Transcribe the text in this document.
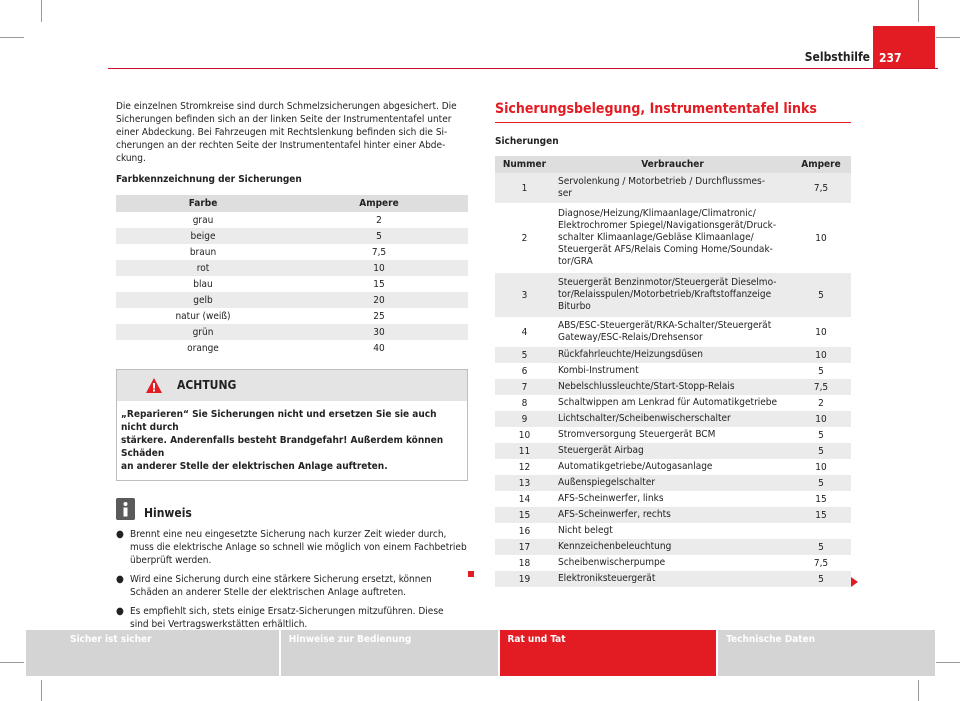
Selbsthilfe 237

Die einzelnen Stromkreise sind durch Schmelzsicherungen abgesichert. Die

Sicherungen befinden sich an der linken Seite der Instrumententafel unter

einer Abdeckung. Bei Fahrzeugen mit Rechtslenkung befinden sich die Si-

cherungen an der rechten Seite der Instrumententafel hinter einer Abde-

ckung.

Farbkennzeichnung der Sicherungen
Farbe	Ampere
grau	2
beige	5
braun	7,5
rot	10
blau	15
gelb	20
natur (weiß)	25
grün	30
orange	40
ACHTUNG
„Reparieren“ Sie Sicherungen nicht und ersetzen Sie sie auch nicht durch
stärkere. Anderenfalls besteht Brandgefahr! Außerdem können Schäden
an anderer Stelle der elektrischen Anlage auftreten.
Hinweis
● Brennt eine neu eingesetzte Sicherung nach kurzer Zeit wieder durch,
muss die elektrische Anlage so schnell wie möglich von einem Fachbetrieb
überprüft werden.
● Wird eine Sicherung durch eine stärkere Sicherung ersetzt, können
Schäden an anderer Stelle der elektrischen Anlage auftreten.
● Es empfiehlt sich, stets einige Ersatz-Sicherungen mitzuführen. Diese
sind bei Vertragswerkstätten erhältlich.
Sicherungsbelegung, Instrumententafel links
Sicherungen
Nummer	Verbraucher	Ampere
1	Servolenkung / Motorbetrieb / Durchflussmes-
ser	7,5
2	Diagnose/Heizung/Klimaanlage/Climatronic/
Elektrochromer Spiegel/Navigationsgerät/Druck-
schalter Klimaanlage/Gebläse Klimaanlage/
Steuergerät AFS/Relais Coming Home/Soundak-
tor/GRA	10
3	Steuergerät Benzinmotor/Steuergerät Dieselmo-
tor/Relaisspulen/Motorbetrieb/Kraftstoffanzeige
Biturbo	5
4	ABS/ESC-Steuergerät/RKA-Schalter/Steuergerät
Gateway/ESC-Relais/Drehsensor	10
5	Rückfahrleuchte/Heizungsdüsen	10
6	Kombi-Instrument	5
7	Nebelschlussleuchte/Start-Stopp-Relais	7,5
8	Schaltwippen am Lenkrad für Automatikgetriebe	2
9	Lichtschalter/Scheibenwischerschalter	10
10	Stromversorgung Steuergerät BCM	5
11	Steuergerät Airbag	5
12	Automatikgetriebe/Autogasanlage	10
13	Außenspiegelschalter	5
14	AFS-Scheinwerfer, links	15
15	AFS-Scheinwerfer, rechts	15
16	Nicht belegt	

17	Kennzeichenbeleuchtung	5
18	Scheibenwischerpumpe	7,5
19	Elektroniksteuergerät	5
Sicher ist sicher	Hinweise zur Bedienung	Rat und Tat	Technische Daten
